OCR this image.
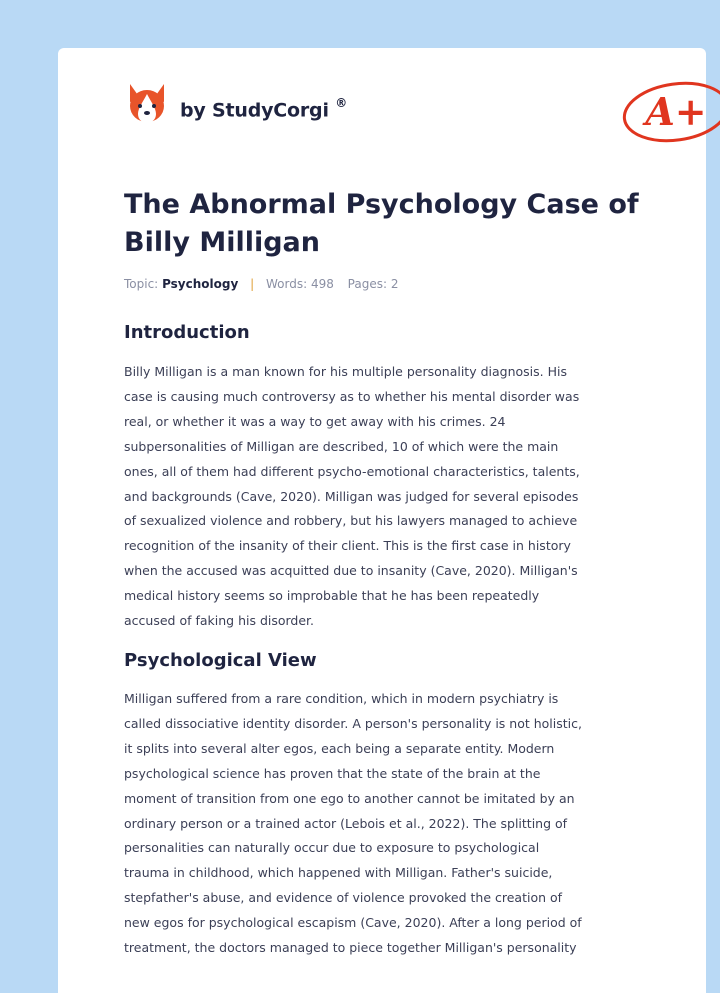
by StudyCorgi ®	A+
The Abnormal Psychology Case of
Billy Milligan
Topic: Psychology | Words: 498 Pages: 2
Introduction

Billy Milligan is a man known for his multiple personality diagnosis. His
case is causing much controversy as to whether his mental disorder was
real, or whether it was a way to get away with his crimes. 24
subpersonalities of Milligan are described, 10 of which were the main
ones, all of them had different psycho-emotional characteristics, talents,
and backgrounds (Cave, 2020). Milligan was judged for several episodes
of sexualized violence and robbery, but his lawyers managed to achieve
recognition of the insanity of their client. This is the first case in history
when the accused was acquitted due to insanity (Cave, 2020). Milligan's
medical history seems so improbable that he has been repeatedly
accused of faking his disorder.

Psychological View

Milligan suffered from a rare condition, which in modern psychiatry is
called dissociative identity disorder. A person's personality is not holistic,
it splits into several alter egos, each being a separate entity. Modern
psychological science has proven that the state of the brain at the
moment of transition from one ego to another cannot be imitated by an
ordinary person or a trained actor (Lebois et al., 2022). The splitting of
personalities can naturally occur due to exposure to psychological
trauma in childhood, which happened with Milligan. Father's suicide,
stepfather's abuse, and evidence of violence provoked the creation of
new egos for psychological escapism (Cave, 2020). After a long period of
treatment, the doctors managed to piece together Milligan's personality
